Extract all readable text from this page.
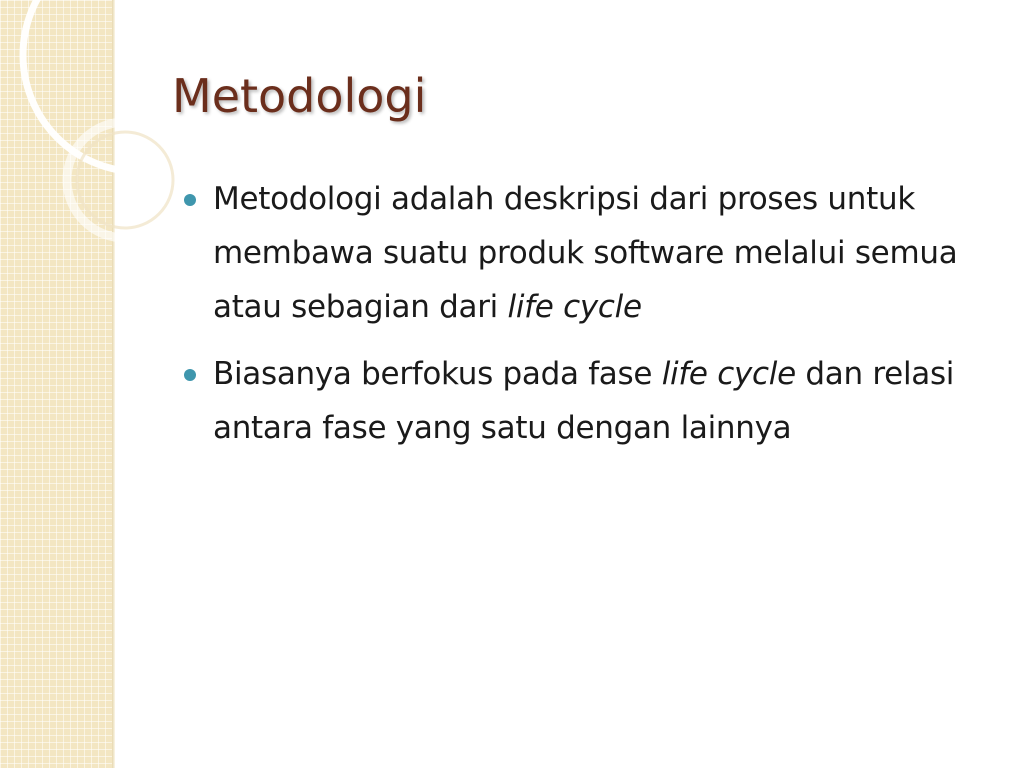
Metodologi
Metodologi adalah deskripsi dari proses untuk membawa suatu produk software melalui semua atau sebagian dari life cycle
Biasanya berfokus pada fase life cycle dan relasi antara fase yang satu dengan lainnya
